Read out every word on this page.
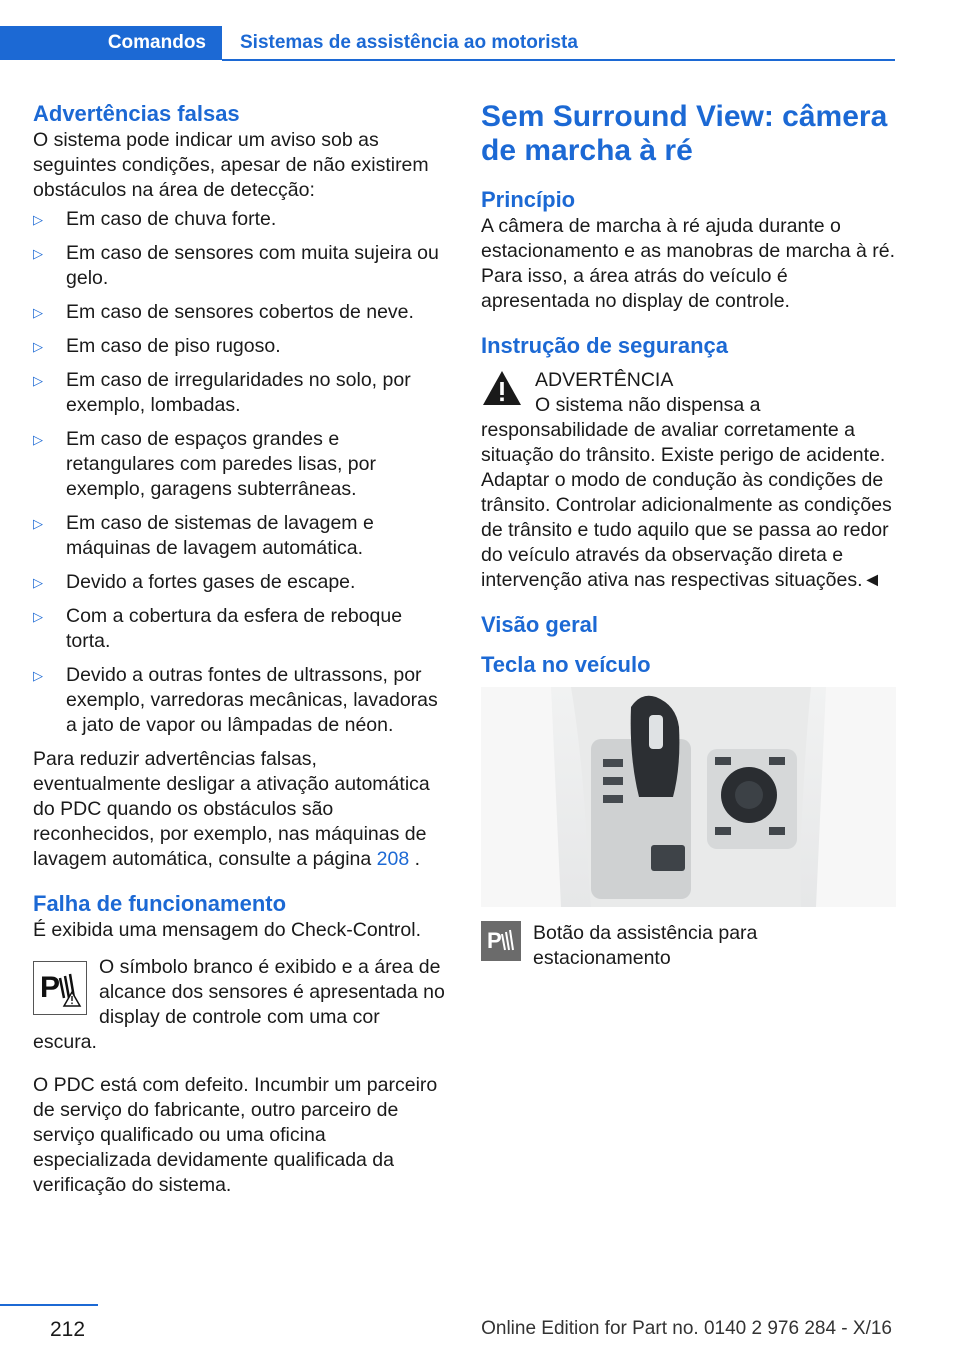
Comandos	Sistemas de assistência ao motorista
Advertências falsas

O sistema pode indicar um aviso sob as seguintes condições, apesar de não existirem obstáculos na área de detecção:

▷ Em caso de chuva forte.
▷ Em caso de sensores com muita sujeira ou gelo.
▷ Em caso de sensores cobertos de neve.
▷ Em caso de piso rugoso.
▷ Em caso de irregularidades no solo, por exemplo, lombadas.
▷ Em caso de espaços grandes e retangulares com paredes lisas, por exemplo, garagens subterrâneas.
▷ Em caso de sistemas de lavagem e máquinas de lavagem automática.
▷ Devido a fortes gases de escape.
▷ Com a cobertura da esfera de reboque torta.
▷ Devido a outras fontes de ultrassons, por exemplo, varredoras mecânicas, lavadoras a jato de vapor ou lâmpadas de néon.

Para reduzir advertências falsas, eventualmente desligar a ativação automática do PDC quando os obstáculos são reconhecidos, por exemplo, nas máquinas de lavagem automática, consulte a página 208 .

Falha de funcionamento

É exibida uma mensagem do Check-Control.

P

O símbolo branco é exibido e a área de alcance dos sensores é apresentada no display de controle com uma cor escura.

O PDC está com defeito. Incumbir um parceiro de serviço do fabricante, outro parceiro de serviço qualificado ou uma oficina especializada devidamente qualificada da verificação do sistema.

Sem Surround View: câmera de marcha à ré
Princípio

A câmera de marcha à ré ajuda durante o estacionamento e as manobras de marcha à ré. Para isso, a área atrás do veículo é apresentada no display de controle.

Instrução de segurança

ADVERTÊNCIA

O sistema não dispensa a responsabilidade de avaliar corretamente a situação do trânsito. Existe perigo de acidente. Adaptar o modo de condução às condições de trânsito. Controlar adicionalmente as condições de trânsito e tudo aquilo que se passa ao redor do veículo através da observação direta e intervenção ativa nas respectivas situações.◄

Visão geral
Tecla no veículo
P	Botão da assistência para estacionamento

212	Online Edition for Part no. 0140 2 976 284 - X/16
